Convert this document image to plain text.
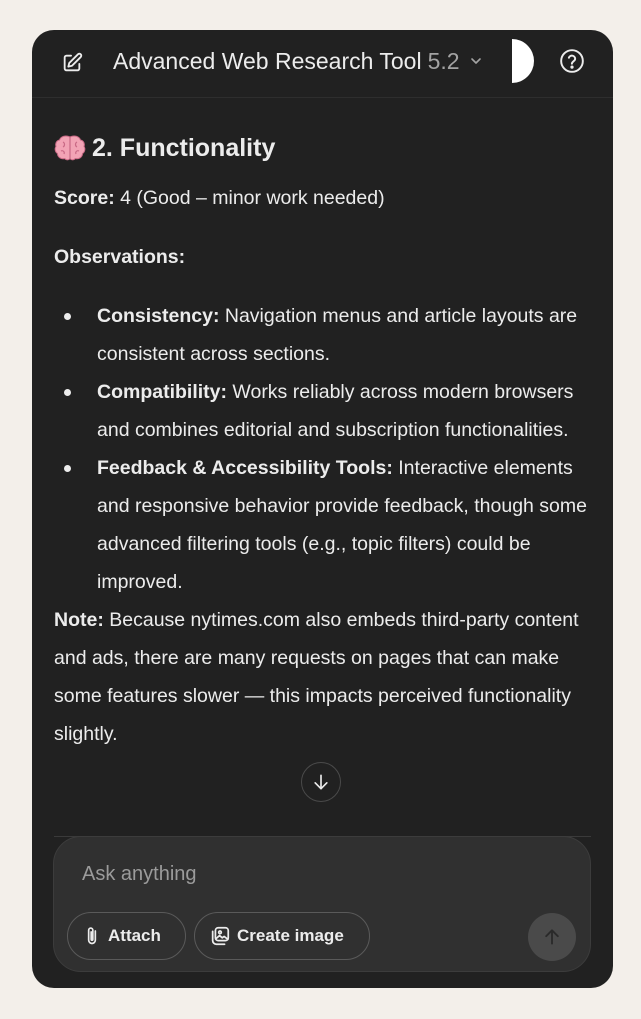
Advanced Web Research Tool 5.2
2. Functionality
Score: 4 (Good – minor work needed)
Observations:
Consistency: Navigation menus and article layouts are consistent across sections.
Compatibility: Works reliably across modern browsers and combines editorial and subscription functionalities.
Feedback & Accessibility Tools: Interactive elements and responsive behavior provide feedback, though some advanced filtering tools (e.g., topic filters) could be improved.
Note: Because nytimes.com also embeds third-party content and ads, there are many requests on pages that can make some features slower — this impacts perceived functionality slightly.
Ask anything
Attach	Create image
